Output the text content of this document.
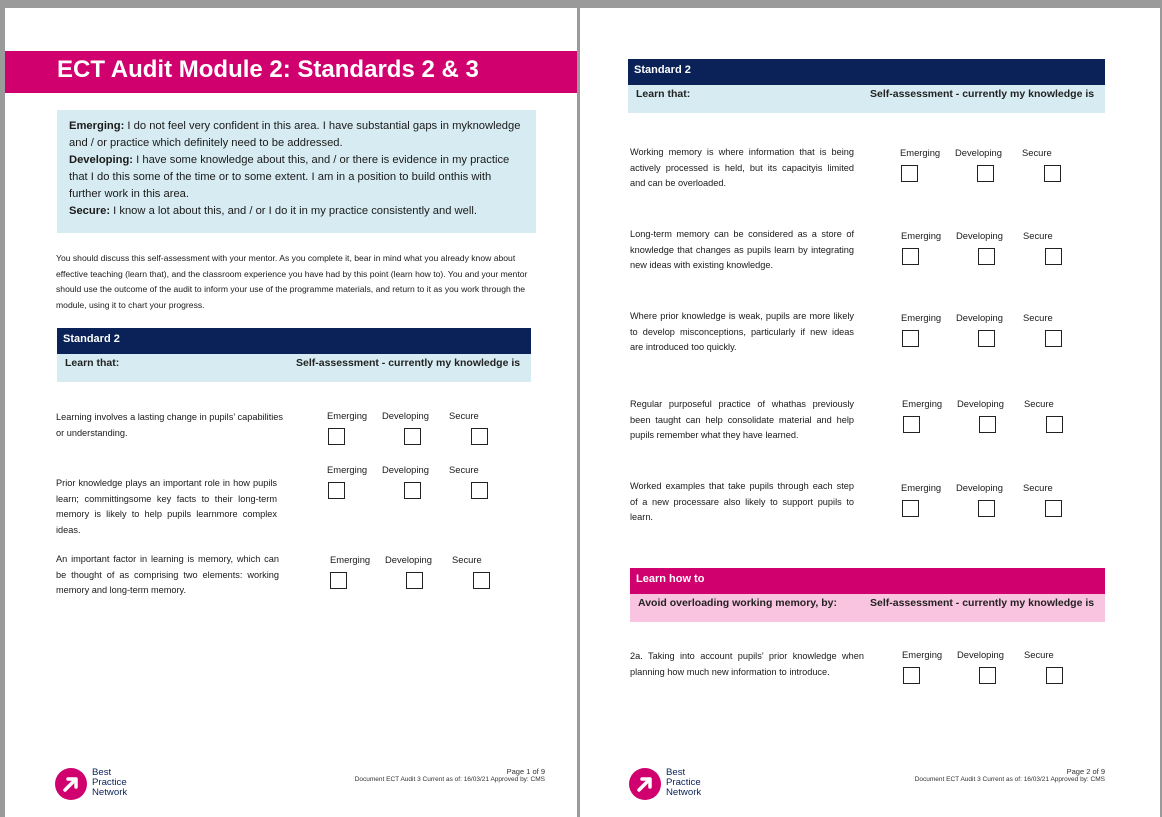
ECT Audit Module 2: Standards 2 & 3

Emerging: I do not feel very confident in this area. I have substantial gaps in myknowledge and / or practice which definitely need to be addressed.

Developing: I have some knowledge about this, and / or there is evidence in my practice that I do this some of the time or to some extent. I am in a position to build onthis with further work in this area.

Secure: I know a lot about this, and / or I do it in my practice consistently and well.

You should discuss this self-assessment with your mentor. As you complete it, bear in mind what you already know about effective teaching (learn that), and the classroom experience you have had by this point (learn how to). You and your mentor should use the outcome of the audit to inform your use of the programme materials, and return to it as you work through the module, using it to chart your progress.
Standard 2
Learn that:	Self-assessment - currently my knowledge is
Learning involves a lasting change in pupils’ capabilities or understanding.
Emerging Developing Secure
Prior knowledge plays an important role in how pupils learn; committingsome key facts to their long-term memory is likely to help pupils learnmore complex ideas.
Emerging Developing Secure
An important factor in learning is memory, which can be thought of as comprising two elements: working memory and long-term memory.
Emerging Developing Secure
Best
Practice
Network
Page 1 of 9
Document ECT Audit 3 Current as of: 16/03/21 Approved by: CMS
Standard 2
Learn that:	Self-assessment - currently my knowledge is
Working memory is where information that is being actively processed is held, but its capacityis limited and can be overloaded.
Emerging Developing Secure
Long-term memory can be considered as a store of knowledge that changes as pupils learn by integrating new ideas with existing knowledge.
Emerging Developing Secure
Where prior knowledge is weak, pupils are more likely to develop misconceptions, particularly if new ideas are introduced too quickly.
Emerging Developing Secure
Regular purposeful practice of whathas previously been taught can help consolidate material and help pupils remember what they have learned.
Emerging Developing Secure
Worked examples that take pupils through each step of a new processare also likely to support pupils to learn.
Emerging Developing Secure
Learn how to
Avoid overloading working memory, by:	Self-assessment - currently my knowledge is
2a. Taking into account pupils’ prior knowledge when planning how much new information to introduce.
Emerging Developing Secure
Best
Practice
Network
Page 2 of 9
Document ECT Audit 3 Current as of: 16/03/21 Approved by: CMS
